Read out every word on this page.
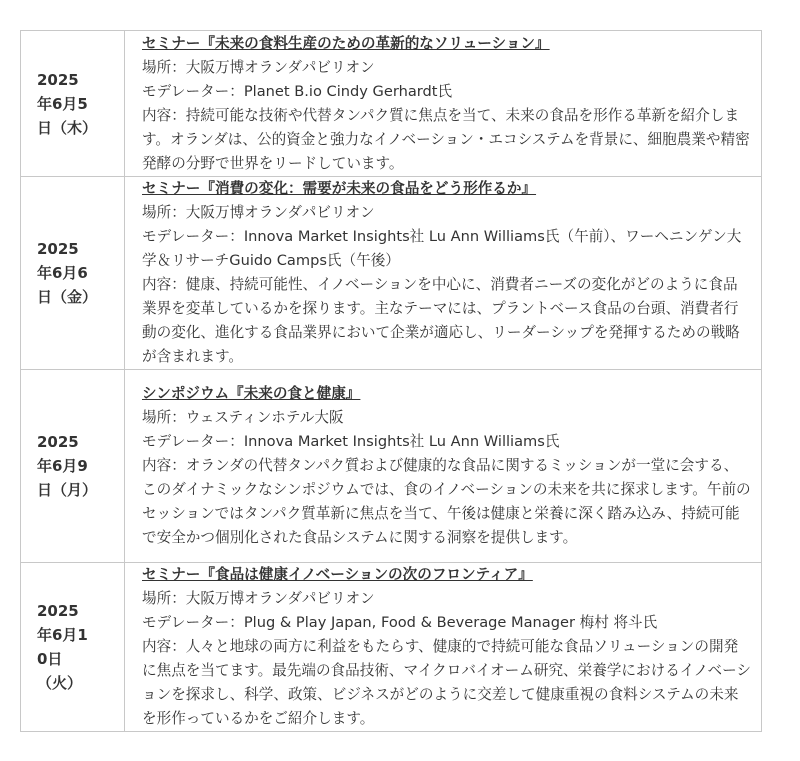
2025年6月5日（木）	セミナー『未来の食料生産のための革新的なソリューション』
場所：大阪万博オランダパビリオン
モデレーター：Planet B.io Cindy Gerhardt氏
内容：持続可能な技術や代替タンパク質に焦点を当て、未来の食品を形作る革新を紹介します。オランダは、公的資金と強力なイノベーション・エコシステムを背景に、細胞農業や精密発酵の分野で世界をリードしています。

2025年6月6日（金）	セミナー『消費の変化：需要が未来の食品をどう形作るか』
場所：大阪万博オランダパビリオン
モデレーター：Innova Market Insights社 Lu Ann Williams氏（午前）、ワーヘニンゲン大学＆リサーチGuido Camps氏（午後）
内容：健康、持続可能性、イノベーションを中心に、消費者ニーズの変化がどのように食品業界を変革しているかを探ります。主なテーマには、プラントベース食品の台頭、消費者行動の変化、進化する食品業界において企業が適応し、リーダーシップを発揮するための戦略が含まれます。

2025年6月9日（月）	シンポジウム『未来の食と健康』
場所：ウェスティンホテル大阪
モデレーター：Innova Market Insights社 Lu Ann Williams氏
内容：オランダの代替タンパク質および健康的な食品に関するミッションが一堂に会する、このダイナミックなシンポジウムでは、食のイノベーションの未来を共に探求します。午前のセッションではタンパク質革新に焦点を当て、午後は健康と栄養に深く踏み込み、持続可能で安全かつ個別化された食品システムに関する洞察を提供します。

2025年6月10日（火）	セミナー『食品は健康イノベーションの次のフロンティア』
場所：大阪万博オランダパビリオン
モデレーター：Plug & Play Japan, Food & Beverage Manager 梅村 将斗氏
内容：人々と地球の両方に利益をもたらす、健康的で持続可能な食品ソリューションの開発に焦点を当てます。最先端の食品技術、マイクロバイオーム研究、栄養学におけるイノベーションを探求し、科学、政策、ビジネスがどのように交差して健康重視の食料システムの未来を形作っているかをご紹介します。
